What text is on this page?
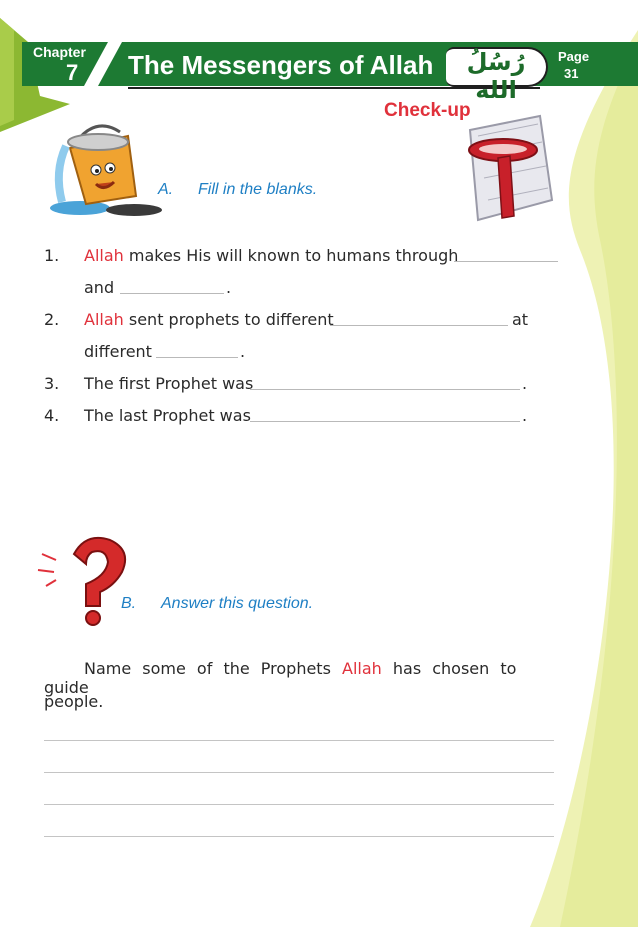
Chapter
7 The Messengers of Allah	رُسُلُ الله
Page
31
Check-up
A. Fill in the blanks.
1. Allah makes His will known to humans through
and	.
2. Allah sent prophets to different	at
different	.
3. The first Prophet was	.
4. The last Prophet was	.
B. Answer this question.
Name some of the Prophets Allah has chosen to guide
people.
